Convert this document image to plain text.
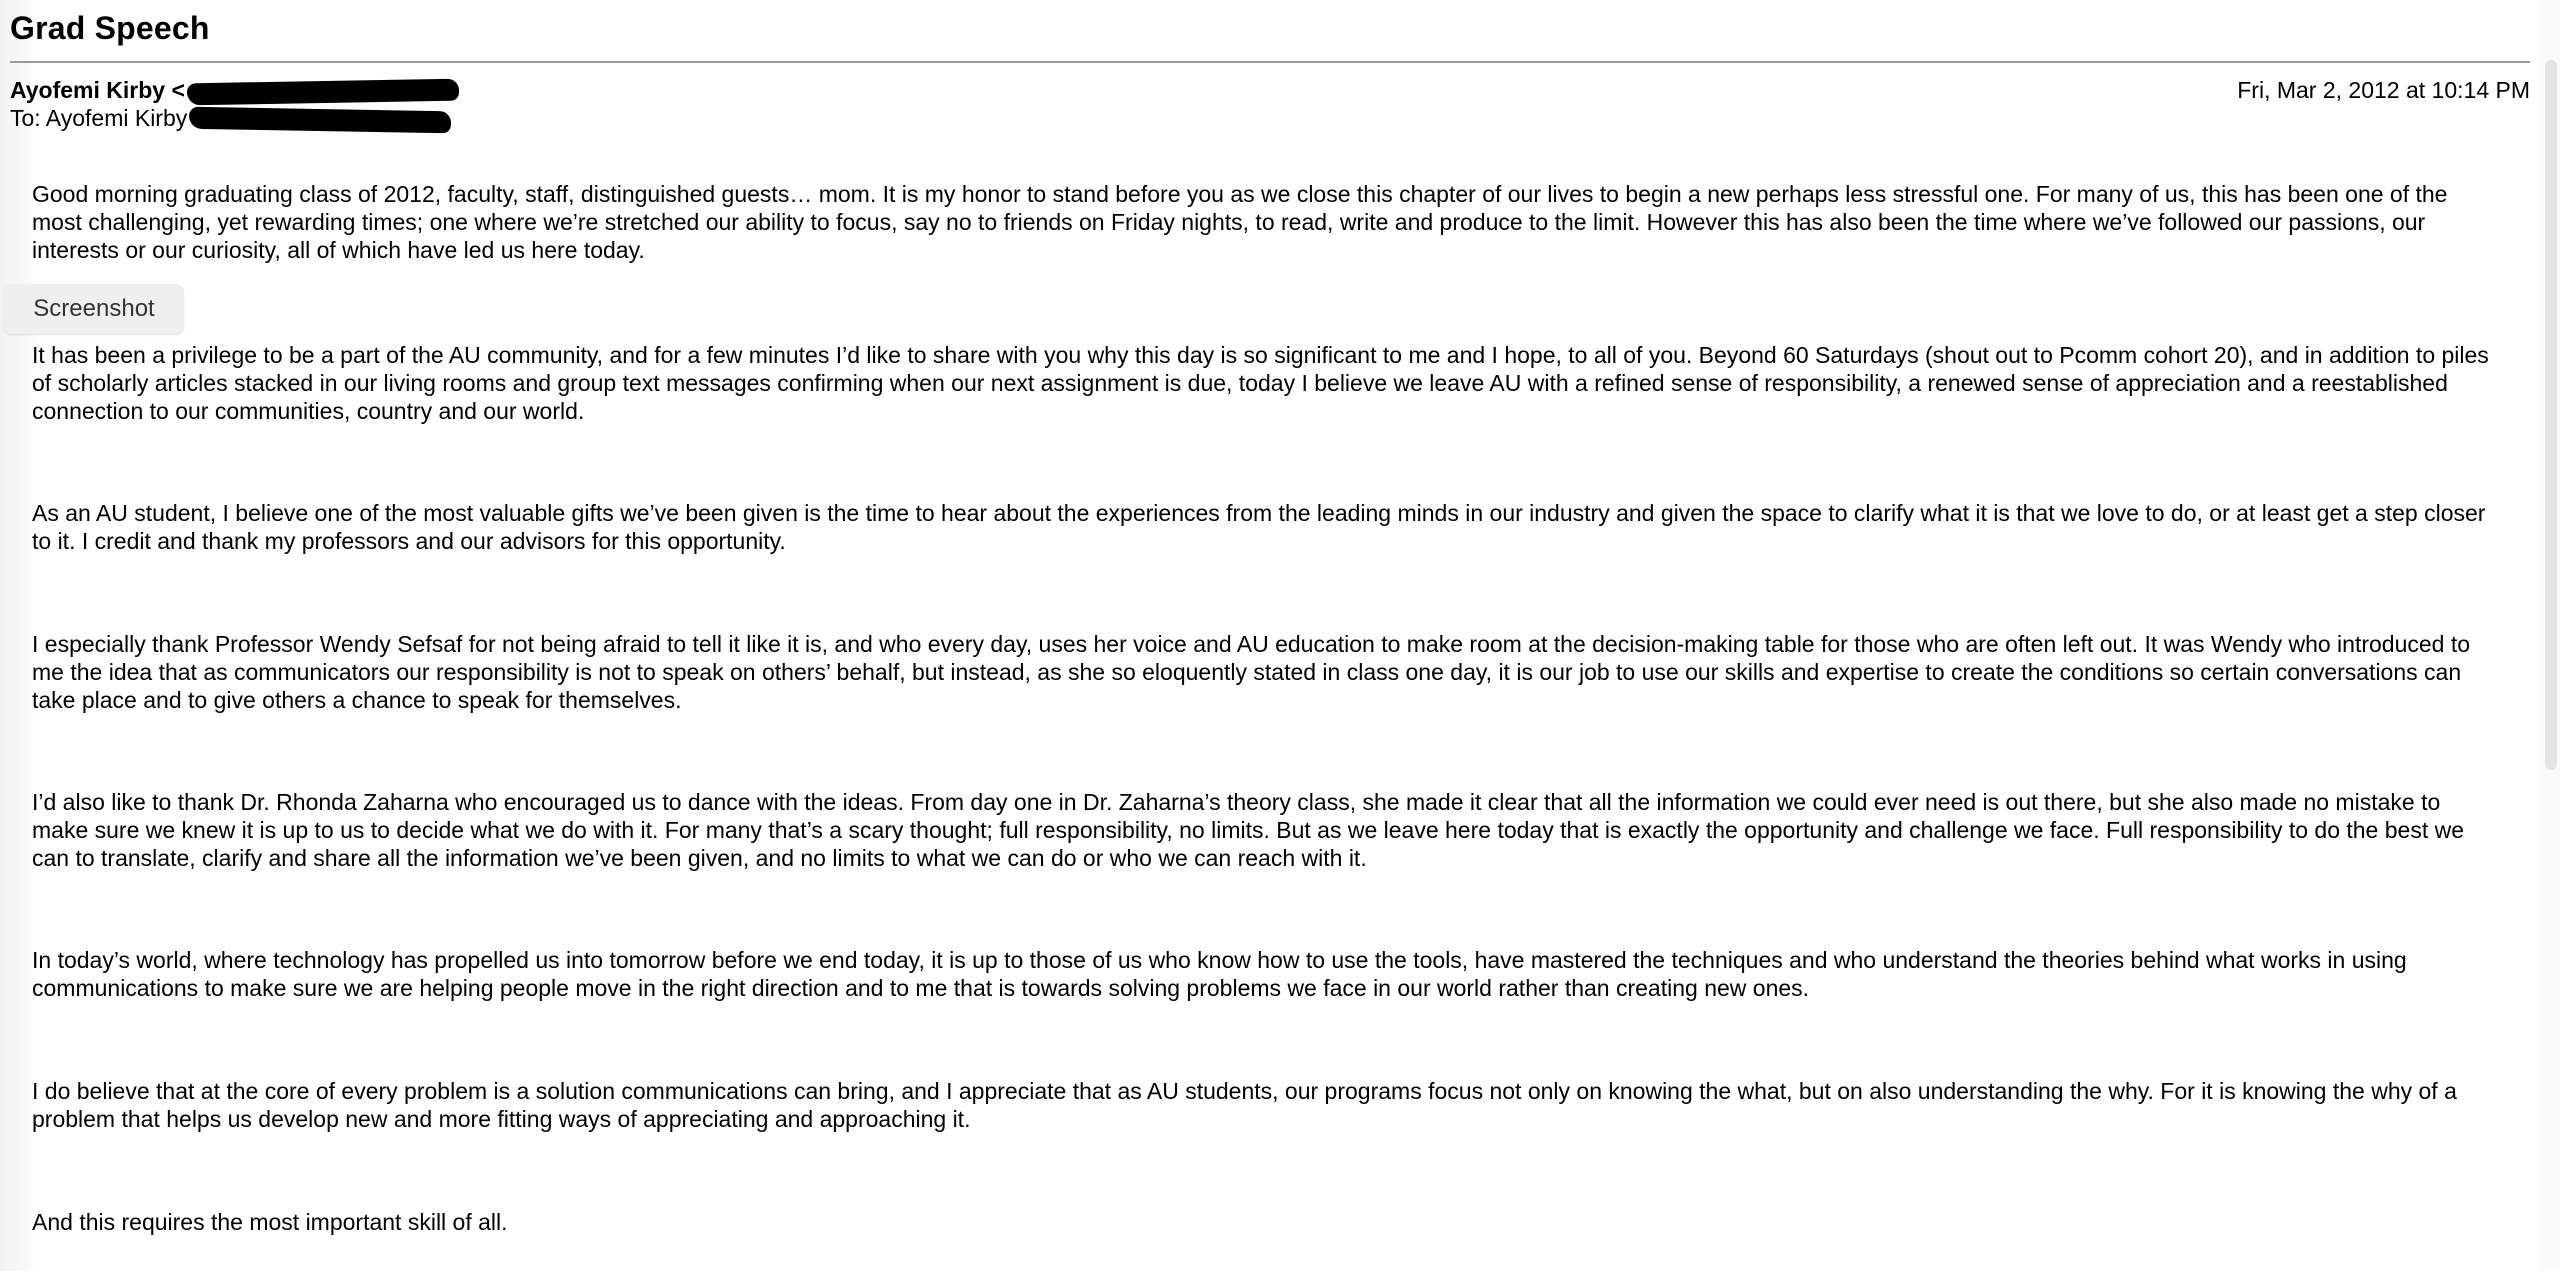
Grad Speech
Ayofemi Kirby <
To: Ayofemi Kirby
Fri, Mar 2, 2012 at 10:14 PM

Good morning graduating class of 2012, faculty, staff, distinguished guests… mom. It is my honor to stand before you as we close this chapter of our lives to begin a new perhaps less stressful one. For many of us, this has been one of the most challenging, yet rewarding times; one where we’re stretched our ability to focus, say no to friends on Friday nights, to read, write and produce to the limit. However this has also been the time where we’ve followed our passions, our interests or our curiosity, all of which have led us here today.

It has been a privilege to be a part of the AU community, and for a few minutes I’d like to share with you why this day is so significant to me and I hope, to all of you. Beyond 60 Saturdays (shout out to Pcomm cohort 20), and in addition to piles of scholarly articles stacked in our living rooms and group text messages confirming when our next assignment is due, today I believe we leave AU with a refined sense of responsibility, a renewed sense of appreciation and a reestablished connection to our communities, country and our world.

As an AU student, I believe one of the most valuable gifts we’ve been given is the time to hear about the experiences from the leading minds in our industry and given the space to clarify what it is that we love to do, or at least get a step closer to it. I credit and thank my professors and our advisors for this opportunity.

I especially thank Professor Wendy Sefsaf for not being afraid to tell it like it is, and who every day, uses her voice and AU education to make room at the decision-making table for those who are often left out. It was Wendy who introduced to me the idea that as communicators our responsibility is not to speak on others’ behalf, but instead, as she so eloquently stated in class one day, it is our job to use our skills and expertise to create the conditions so certain conversations can take place and to give others a chance to speak for themselves.

I’d also like to thank Dr. Rhonda Zaharna who encouraged us to dance with the ideas. From day one in Dr. Zaharna’s theory class, she made it clear that all the information we could ever need is out there, but she also made no mistake to make sure we knew it is up to us to decide what we do with it. For many that’s a scary thought; full responsibility, no limits. But as we leave here today that is exactly the opportunity and challenge we face. Full responsibility to do the best we can to translate, clarify and share all the information we’ve been given, and no limits to what we can do or who we can reach with it.

In today’s world, where technology has propelled us into tomorrow before we end today, it is up to those of us who know how to use the tools, have mastered the techniques and who understand the theories behind what works in using communications to make sure we are helping people move in the right direction and to me that is towards solving problems we face in our world rather than creating new ones.

I do believe that at the core of every problem is a solution communications can bring, and I appreciate that as AU students, our programs focus not only on knowing the what, but on also understanding the why. For it is knowing the why of a problem that helps us develop new and more fitting ways of appreciating and approaching it.

And this requires the most important skill of all.

Screenshot
